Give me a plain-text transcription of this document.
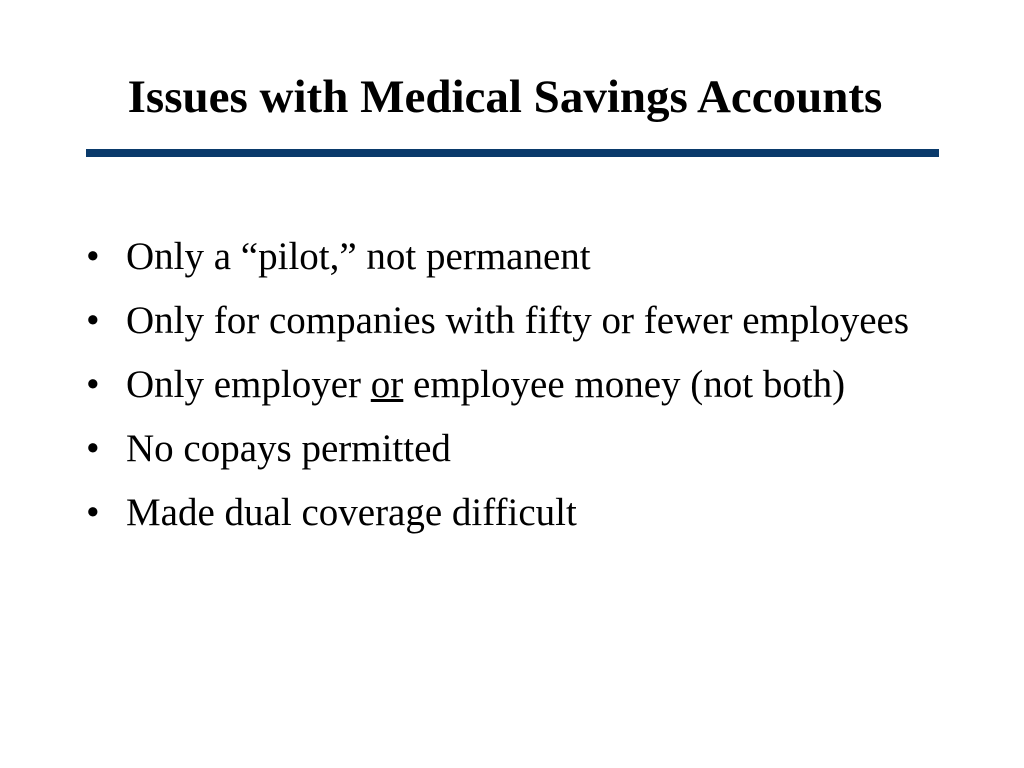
Issues with Medical Savings Accounts
• Only a “pilot,” not permanent
• Only for companies with fifty or fewer employees
• Only employer or employee money (not both)
• No copays permitted
• Made dual coverage difficult
